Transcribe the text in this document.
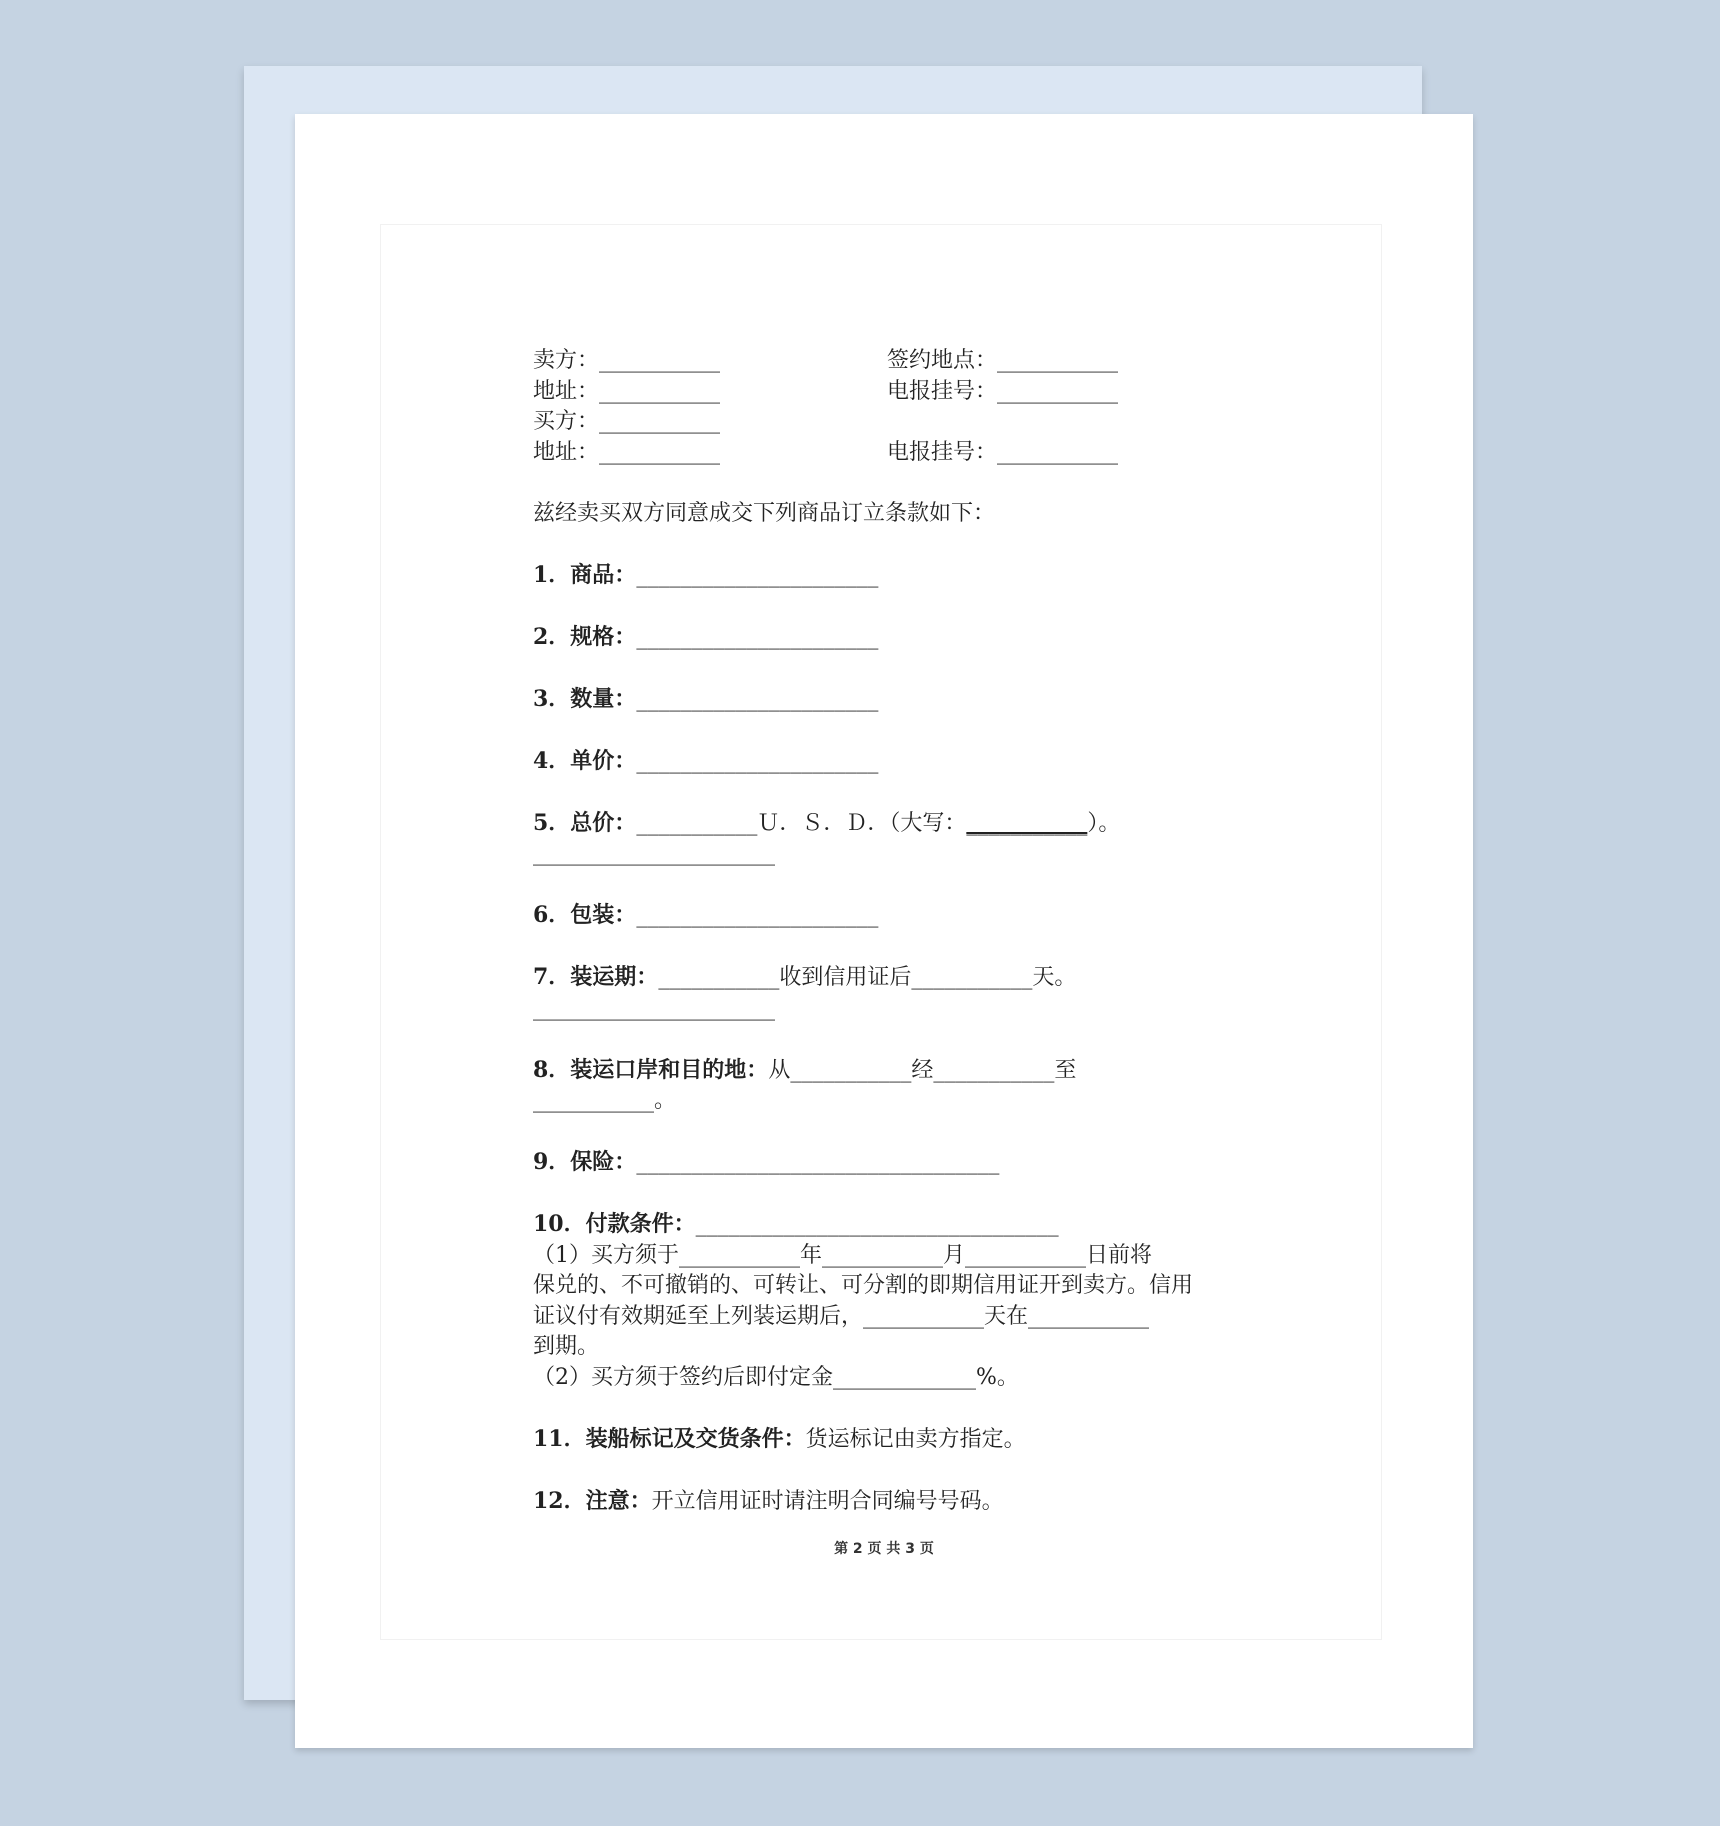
卖方：___________	签约地点：___________
地址：___________	电报挂号：___________
买方：___________
地址：___________	电报挂号：___________

兹经卖买双方同意成交下列商品订立条款如下：

1．商品：______________________

2．规格：______________________

3．数量：______________________

4．单价：______________________

5．总价：___________Ｕ．Ｓ．Ｄ．（大写：___________）。

______________________

6．包装：______________________

7．装运期：___________收到信用证后___________天。

______________________

8．装运口岸和目的地：从___________经___________至

___________。

9．保险：_________________________________

10．付款条件：_________________________________

（1）买方须于___________年___________月___________日前将

保兑的、不可撤销的、可转让、可分割的即期信用证开到卖方。信用

证议付有效期延至上列装运期后，___________天在___________

到期。

（2）买方须于签约后即付定金_____________%。

11．装船标记及交货条件：货运标记由卖方指定。

12．注意：开立信用证时请注明合同编号号码。

第 2 页 共 3 页
